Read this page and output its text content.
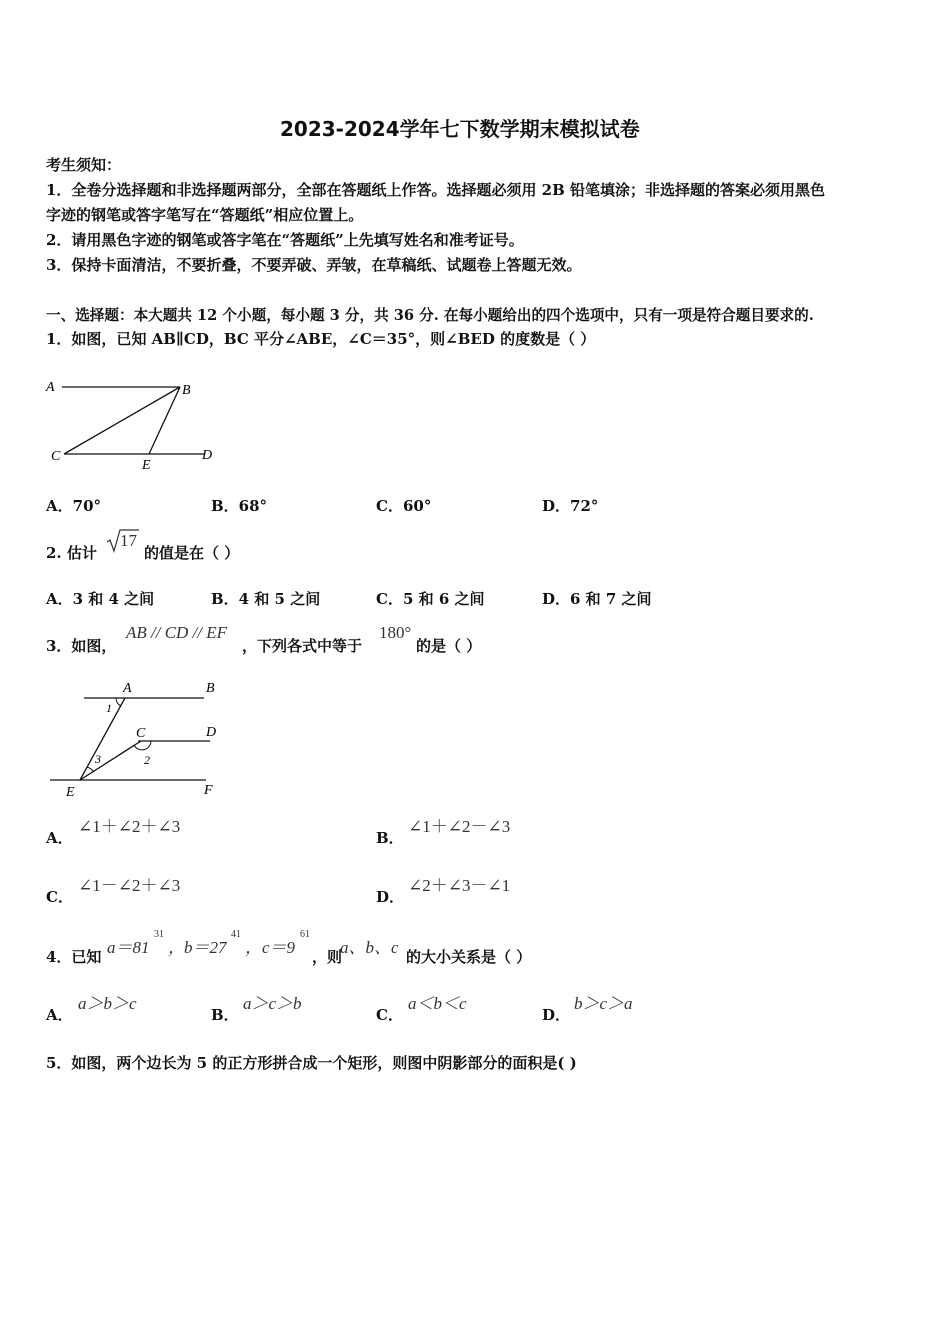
2023-2024学年七下数学期末模拟试卷
考生须知：
1．全卷分选择题和非选择题两部分，全部在答题纸上作答。选择题必须用 2B 铅笔填涂；非选择题的答案必须用黑色
字迹的钢笔或答字笔写在“答题纸”相应位置上。
2．请用黑色字迹的钢笔或答字笔在“答题纸”上先填写姓名和准考证号。
3．保持卡面清洁，不要折叠，不要弄破、弄皱，在草稿纸、试题卷上答题无效。
一、选择题：本大题共 12 个小题，每小题 3 分，共 36 分. 在每小题给出的四个选项中，只有一项是符合题目要求的.
1．如图，已知 AB∥CD，BC 平分∠ABE，∠C＝35°，则∠BED 的度数是（ ）
A	B
C
E
D
A．70°	B．68°	C．60°	D．72°
2. 估计
17
的值是在（ ）
A．3 和 4 之间	B．4 和 5 之间	C．5 和 6 之间	D．6 和 7 之间
3．如图，
AB // CD // EF
，下列各式中等于
180°
的是（ ）
A	B
C	D
E	F
1
2
3
A．
∠1＋∠2＋∠3
B．
∠1＋∠2－∠3
C．
∠1－∠2＋∠3
D．
∠2＋∠3－∠1
4．已知 a＝81
31
， b＝27
41
， c＝9
61
，则
a、b、c 的大小关系是（ ）
A．
a＞b＞c
B．
a＞c＞b
C．
a＜b＜c
D．
b＞c＞a
5．如图，两个边长为 5 的正方形拼合成一个矩形，则图中阴影部分的面积是( )
